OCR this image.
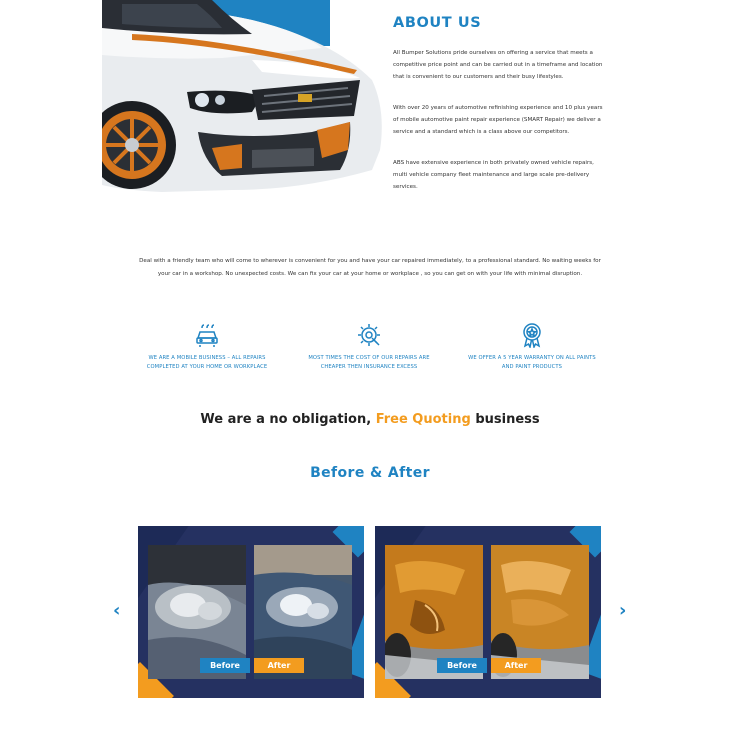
ABOUT US

All Bumper Solutions pride ourselves on offering a service that meets a competitive price point and can be carried out in a timeframe and location that is convenient to our customers and their busy lifestyles.

With over 20 years of automotive refinishing experience and 10 plus years of mobile automotive paint repair experience (SMART Repair) we deliver a service and a standard which is a class above our competitors.

ABS have extensive experience in both privately owned vehicle repairs, multi vehicle company fleet maintenance and large scale pre-delivery services.

Deal with a friendly team who will come to wherever is convenient for you and have your car repaired immediately, to a professional standard. No waiting weeks for your car in a workshop. No unexpected costs. We can fix your car at your home or workplace , so you can get on with your life with minimal disruption.

WE ARE A MOBILE BUSINESS – ALL REPAIRS COMPLETED AT YOUR HOME OR WORKPLACE
MOST TIMES THE COST OF OUR REPAIRS ARE CHEAPER THEN INSURANCE EXCESS
WE OFFER A 5 YEAR WARRANTY ON ALL PAINTS AND PAINT PRODUCTS
We are a no obligation, Free Quoting business
Before & After
‹	›
Before	After	Before	After
